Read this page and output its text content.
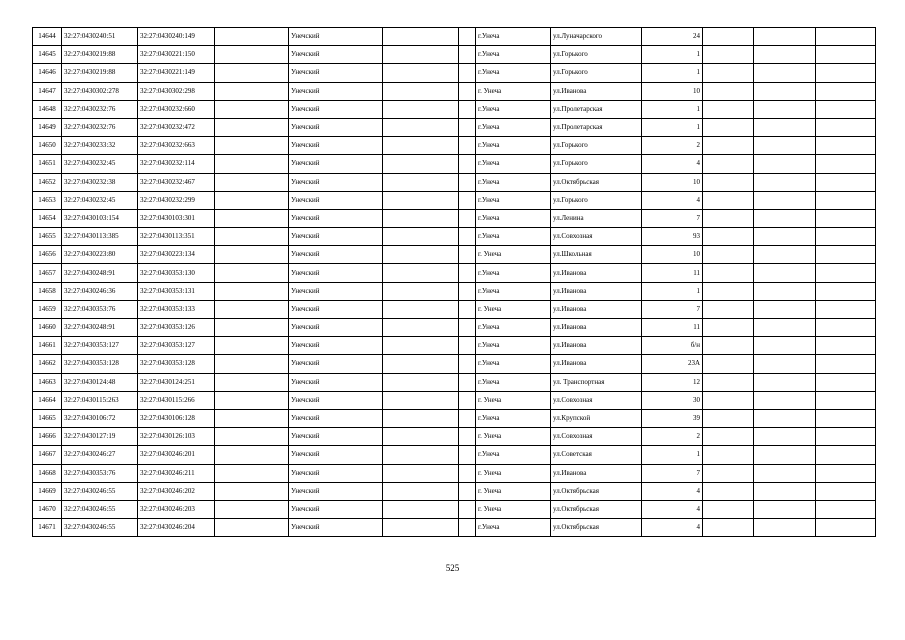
14644	32:27:0430240:51	32:27:0430240:149		Унечский			г.Унеча	ул.Луначарского	24			
14645	32:27:0430219:88	32:27:0430221:150		Унечский			г.Унеча	ул.Горького	1			
14646	32:27:0430219:88	32:27:0430221:149		Унечский			г.Унеча	ул.Горького	1			
14647	32:27:0430302:278	32:27:0430302:298		Унечский			г. Унеча	ул.Иванова	10			
14648	32:27:0430232:76	32:27:0430232:660		Унечский			г.Унеча	ул.Пролетарская	1			
14649	32:27:0430232:76	32:27:0430232:472		Унечский			г.Унеча	ул.Пролетарская	1			
14650	32:27:0430233:32	32:27:0430232:663		Унечский			г.Унеча	ул.Горького	2			
14651	32:27:0430232:45	32:27:0430232:114		Унечский			г.Унеча	ул.Горького	4			
14652	32:27:0430232:38	32:27:0430232:467		Унечский			г.Унеча	ул.Октябрьская	10			
14653	32:27:0430232:45	32:27:0430232:299		Унечский			г.Унеча	ул.Горького	4			
14654	32:27:0430103:154	32:27:0430103:301		Унечский			г.Унеча	ул.Ленина	7			
14655	32:27:0430113:385	32:27:0430113:351		Унечский			г.Унеча	ул.Совхозная	93			
14656	32:27:0430223:80	32:27:0430223:134		Унечский			г. Унеча	ул.Школьная	10			
14657	32:27:0430248:91	32:27:0430353:130		Унечский			г.Унеча	ул.Иванова	11			
14658	32:27:0430246:36	32:27:0430353:131		Унечский			г.Унеча	ул.Иванова	1			
14659	32:27:0430353:76	32:27:0430353:133		Унечский			г. Унеча	ул.Иванова	7			
14660	32:27:0430248:91	32:27:0430353:126		Унечский			г.Унеча	ул.Иванова	11			
14661	32:27:0430353:127	32:27:0430353:127		Унечский			г.Унеча	ул.Иванова	б/н			
14662	32:27:0430353:128	32:27:0430353:128		Унечский			г.Унеча	ул.Иванова	23А			
14663	32:27:0430124:48	32:27:0430124:251		Унечский			г.Унеча	ул. Транспортная	12			
14664	32:27:0430115:263	32:27:0430115:266		Унечский			г. Унеча	ул.Совхозная	30			
14665	32:27:0430106:72	32:27:0430106:128		Унечский			г.Унеча	ул.Крупской	39			
14666	32:27:0430127:19	32:27:0430126:103		Унечский			г. Унеча	ул.Совхозная	2			
14667	32:27:0430246:27	32:27:0430246:201		Унечский			г.Унеча	ул.Советская	1			
14668	32:27:0430353:76	32:27:0430246:211		Унечский			г. Унеча	ул.Иванова	7			
14669	32:27:0430246:55	32:27:0430246:202		Унечский			г. Унеча	ул.Октябрьская	4			
14670	32:27:0430246:55	32:27:0430246:203		Унечский			г. Унеча	ул.Октябрьская	4			
14671	32:27:0430246:55	32:27:0430246:204		Унечский			г.Унеча	ул.Октябрьская	4			
525
